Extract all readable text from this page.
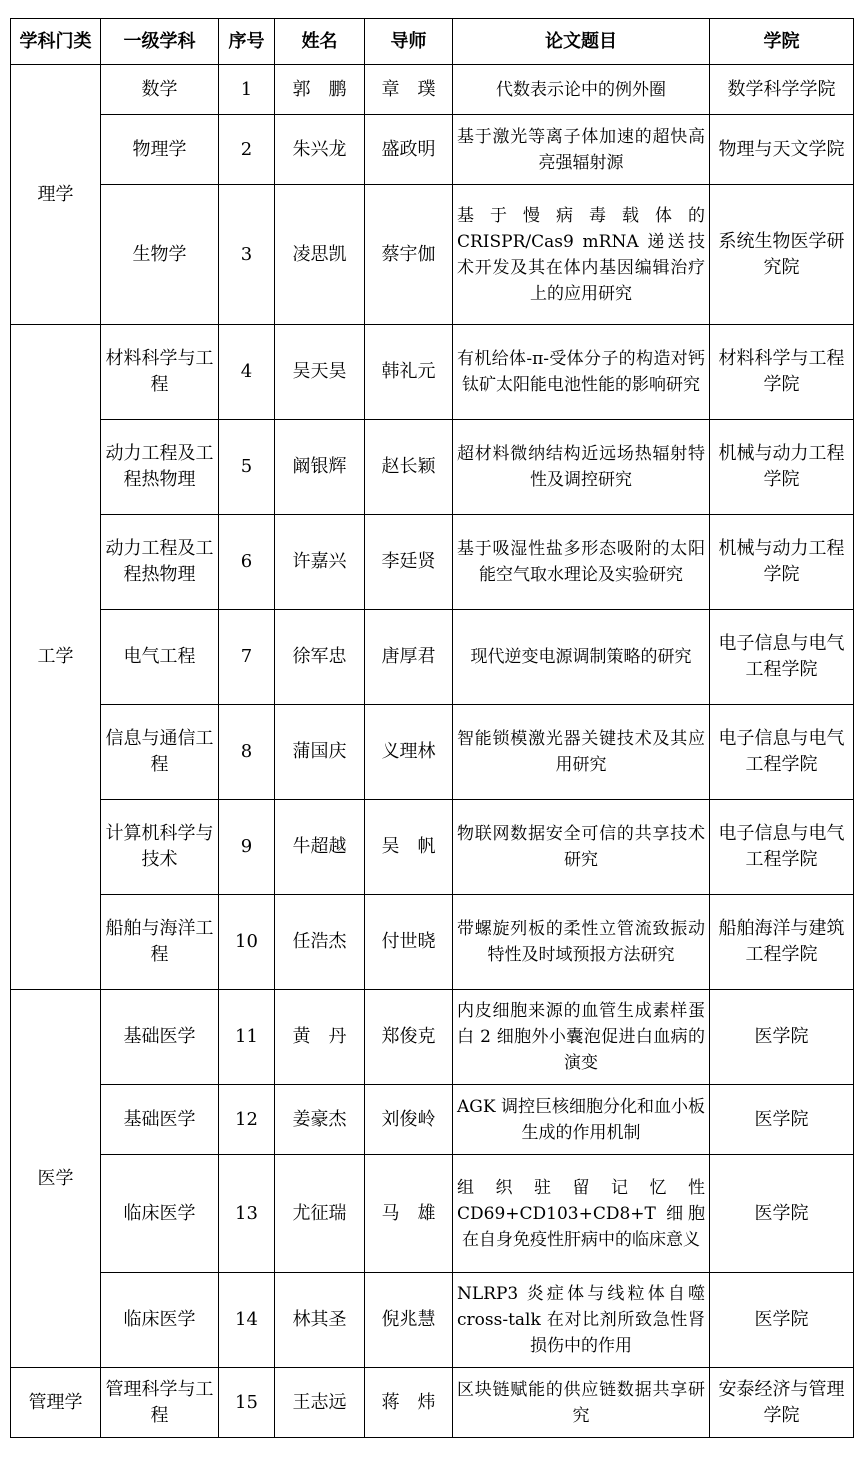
学科门类	一级学科	序号	姓名	导师	论文题目	学院
理学	数学	1	郭　鹏	章　璞	代数表示论中的例外圈	数学科学学院
	物理学	2	朱兴龙	盛政明	基于激光等离子体加速的超快高亮强辐射源	物理与天文学院
	生物学	3	凌思凯	蔡宇伽	基于慢病毒载体的CRISPR/Cas9 mRNA 递送技术开发及其在体内基因编辑治疗上的应用研究	系统生物医学研究院
工学	材料科学与工程	4	吴天昊	韩礼元	有机给体-π-受体分子的构造对钙钛矿太阳能电池性能的影响研究	材料科学与工程学院
	动力工程及工程热物理	5	阚银辉	赵长颖	超材料微纳结构近远场热辐射特性及调控研究	机械与动力工程学院
	动力工程及工程热物理	6	许嘉兴	李廷贤	基于吸湿性盐多形态吸附的太阳能空气取水理论及实验研究	机械与动力工程学院
	电气工程	7	徐军忠	唐厚君	现代逆变电源调制策略的研究	电子信息与电气工程学院
	信息与通信工程	8	蒲国庆	义理林	智能锁模激光器关键技术及其应用研究	电子信息与电气工程学院
	计算机科学与技术	9	牛超越	吴　帆	物联网数据安全可信的共享技术研究	电子信息与电气工程学院
	船舶与海洋工程	10	任浩杰	付世晓	带螺旋列板的柔性立管流致振动特性及时域预报方法研究	船舶海洋与建筑工程学院
医学	基础医学	11	黄　丹	郑俊克	内皮细胞来源的血管生成素样蛋白 2 细胞外小囊泡促进白血病的演变	医学院
	基础医学	12	姜豪杰	刘俊岭	AGK 调控巨核细胞分化和血小板生成的作用机制	医学院
	临床医学	13	尤征瑞	马　雄	组织驻留记忆性CD69+CD103+CD8+T 细胞在自身免疫性肝病中的临床意义	医学院
	临床医学	14	林其圣	倪兆慧	NLRP3 炎症体与线粒体自噬cross-talk 在对比剂所致急性肾损伤中的作用	医学院
管理学	管理科学与工程	15	王志远	蒋　炜	区块链赋能的供应链数据共享研究	安泰经济与管理学院
